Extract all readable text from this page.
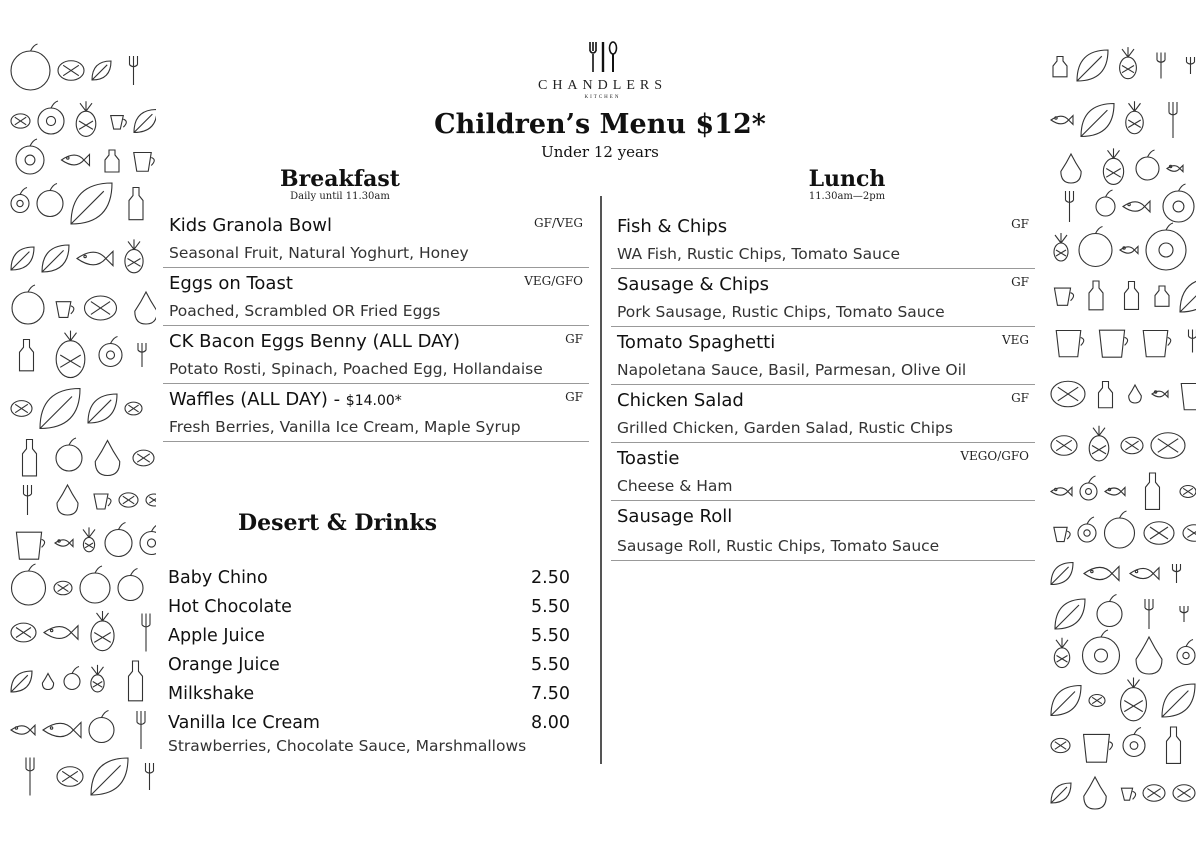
CHANDLERS
KITCHEN
Children’s Menu $12*
Under 12 years
Breakfast
Daily until 11.30am
Kids Granola Bowl	GF/VEG
Seasonal Fruit, Natural Yoghurt, Honey
Eggs on Toast	VEG/GFO
Poached, Scrambled OR Fried Eggs
CK Bacon Eggs Benny (ALL DAY)	GF
Potato Rosti, Spinach, Poached Egg, Hollandaise
Waffles (ALL DAY) - $14.00*	GF
Fresh Berries, Vanilla Ice Cream, Maple Syrup
Desert & Drinks
Baby Chino	2.50
Hot Chocolate	5.50
Apple Juice	5.50
Orange Juice	5.50
Milkshake	7.50
Vanilla Ice Cream	8.00
Strawberries, Chocolate Sauce, Marshmallows
Lunch
11.30am—2pm
Fish & Chips	GF
WA Fish, Rustic Chips, Tomato Sauce
Sausage & Chips	GF
Pork Sausage, Rustic Chips, Tomato Sauce
Tomato Spaghetti	VEG
Napoletana Sauce, Basil, Parmesan, Olive Oil
Chicken Salad	GF
Grilled Chicken, Garden Salad, Rustic Chips
Toastie	VEGO/GFO
Cheese & Ham
Sausage Roll
Sausage Roll, Rustic Chips, Tomato Sauce
